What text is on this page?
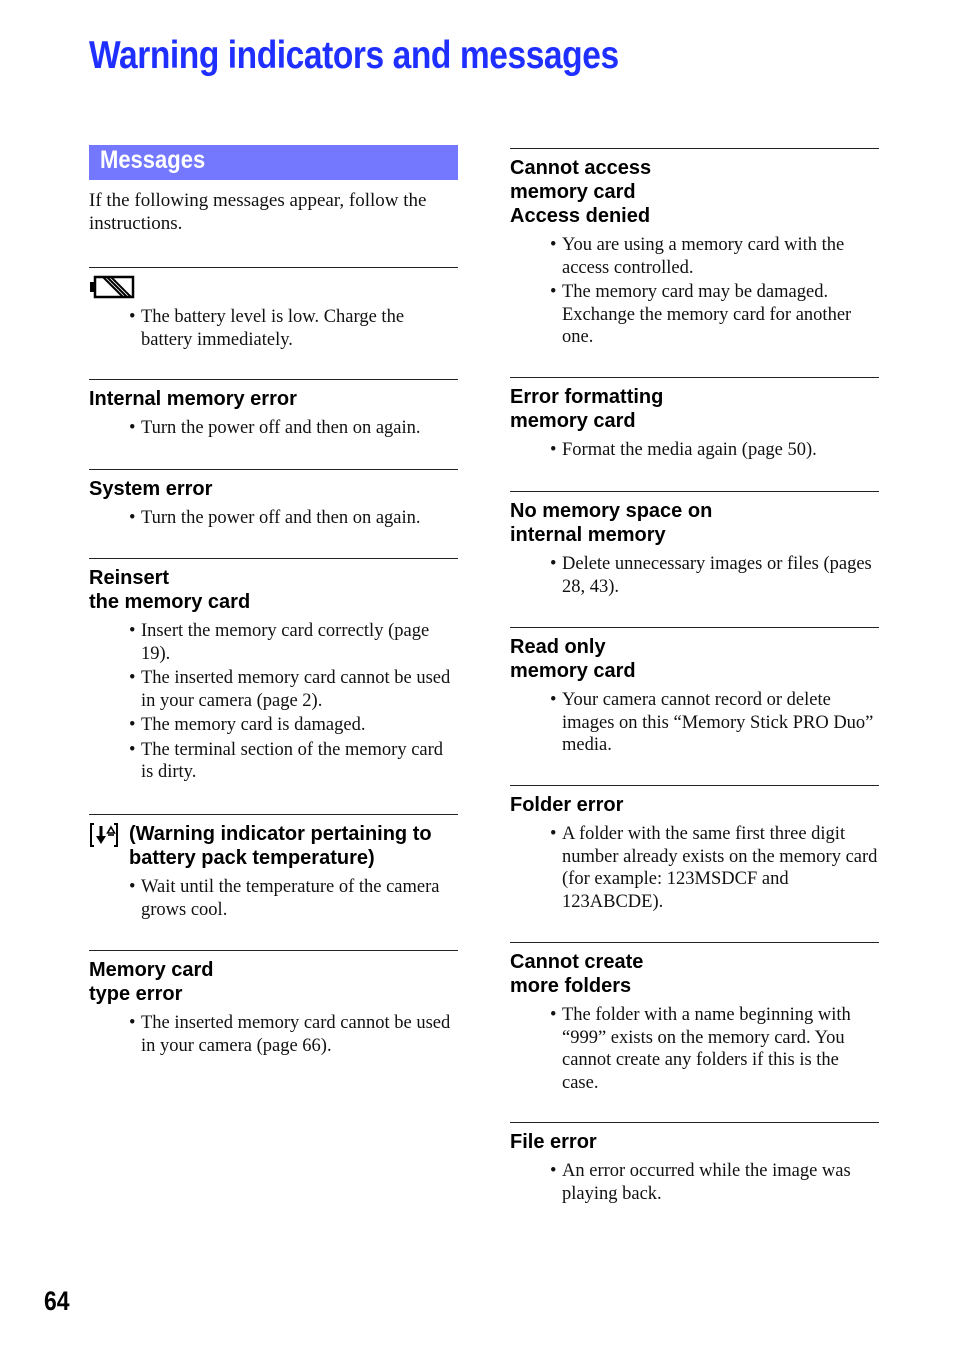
Warning indicators and messages
Messages

If the following messages appear, follow the instructions.

• The battery level is low. Charge the battery immediately.
Internal memory error
• Turn the power off and then on again.
System error
• Turn the power off and then on again.
Reinsert
the memory card
• Insert the memory card correctly (page 19).
• The inserted memory card cannot be used in your camera (page 2).
• The memory card is damaged.
• The terminal section of the memory card is dirty.
(Warning indicator pertaining to battery pack temperature)
• Wait until the temperature of the camera grows cool.
Memory card
type error
• The inserted memory card cannot be used in your camera (page 66).
Cannot access
memory card
Access denied
• You are using a memory card with the access controlled.
• The memory card may be damaged. Exchange the memory card for another one.
Error formatting
memory card
• Format the media again (page 50).
No memory space on
internal memory
• Delete unnecessary images or files (pages 28, 43).
Read only
memory card
• Your camera cannot record or delete images on this “Memory Stick PRO Duo” media.
Folder error
• A folder with the same first three digit number already exists on the memory card (for example: 123MSDCF and 123ABCDE).
Cannot create
more folders
• The folder with a name beginning with “999” exists on the memory card. You cannot create any folders if this is the case.
File error
• An error occurred while the image was playing back.
64
